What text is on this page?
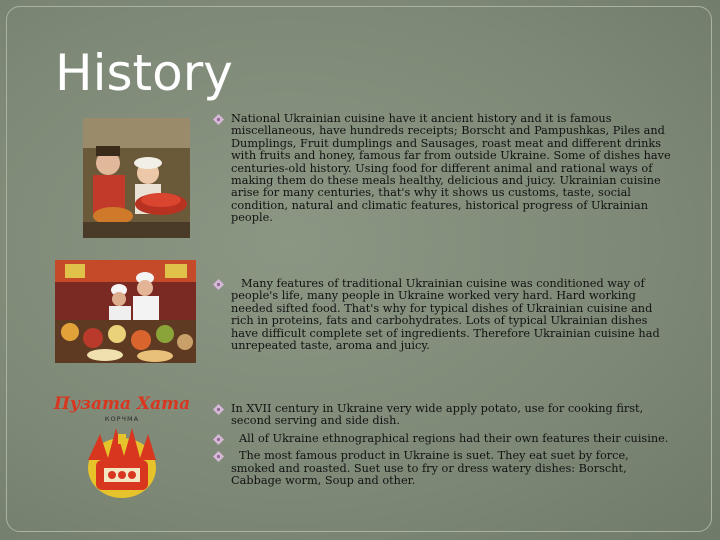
History
Пузата Хата
КОРЧМА

National Ukrainian cuisine have it ancient history and it is famous miscellaneous, have hundreds receipts; Borscht and Pampushkas, Piles and Dumplings, Fruit dumplings and Sausages, roast meat and different drinks with fruits and honey, famous far from outside Ukraine. Some of dishes have centuries-old history. Using food for different animal and rational ways of making them do these meals healthy, delicious and juicy. Ukrainian cuisine arise for many centuries, that's why it shows us customs, taste, social condition, natural and climatic features, historical progress of Ukrainian people.

Many features of traditional Ukrainian cuisine was conditioned way of people's life, many people in Ukraine worked very hard. Hard working needed sifted food. That's why for typical dishes of Ukrainian cuisine and rich in proteins, fats and carbohydrates. Lots of typical Ukrainian dishes have difficult complete set of ingredients. Therefore Ukrainian cuisine had unrepeated taste, aroma and juicy.

In XVII century in Ukraine very wide apply potato, use for cooking first, second serving and side dish.

All of Ukraine ethnographical regions had their own features their cuisine.

The most famous product in Ukraine is suet. They eat suet by force, smoked and roasted. Suet use to fry or dress watery dishes: Borscht, Cabbage worm, Soup and other.
